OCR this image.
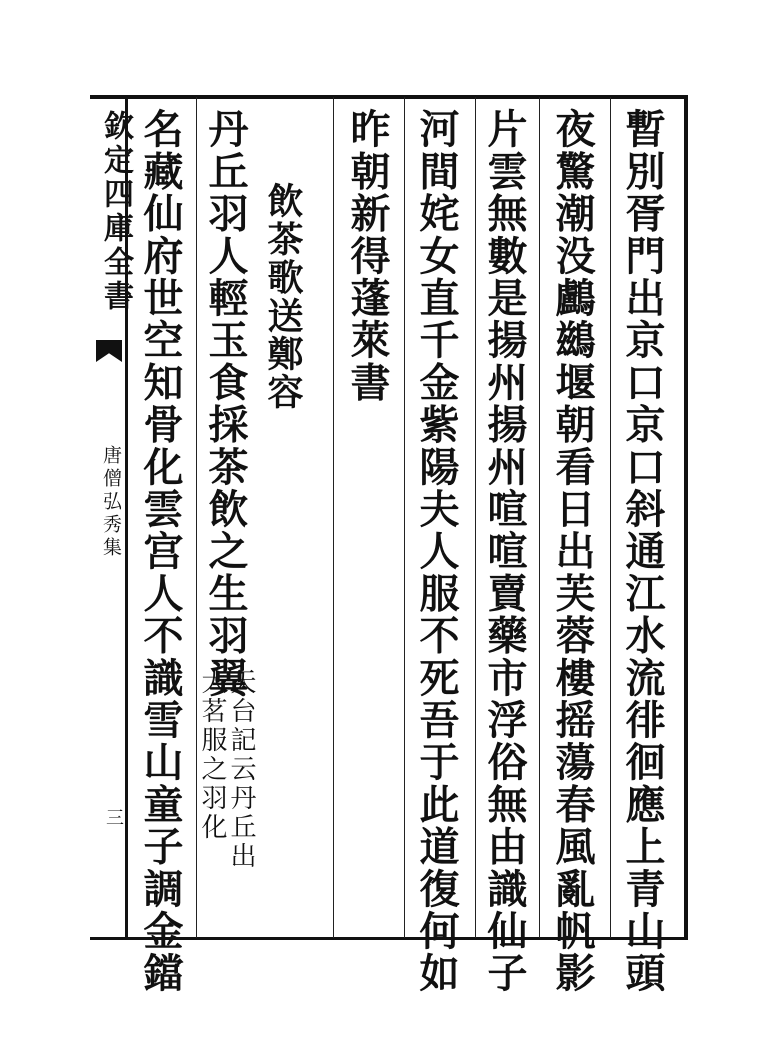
欽定四庫全書
唐僧弘秀集
三	暫別胥門出京口京口斜通江水流徘徊應上青山頭
夜驚潮没鸕鷀堰朝看日出芙蓉樓摇蕩春風亂帆影
片雲無數是揚州揚州喧喧賣藥市浮俗無由識仙子
河間姹女直千金紫陽夫人服不死吾于此道復何如
昨朝新得蓬萊書
飲茶歌送鄭容
丹丘羽人輕玉食採茶飲之生羽翼
天台記云丹丘出
大茗服之羽化
名藏仙府世空知骨化雲宫人不識雪山童子調金鐺
